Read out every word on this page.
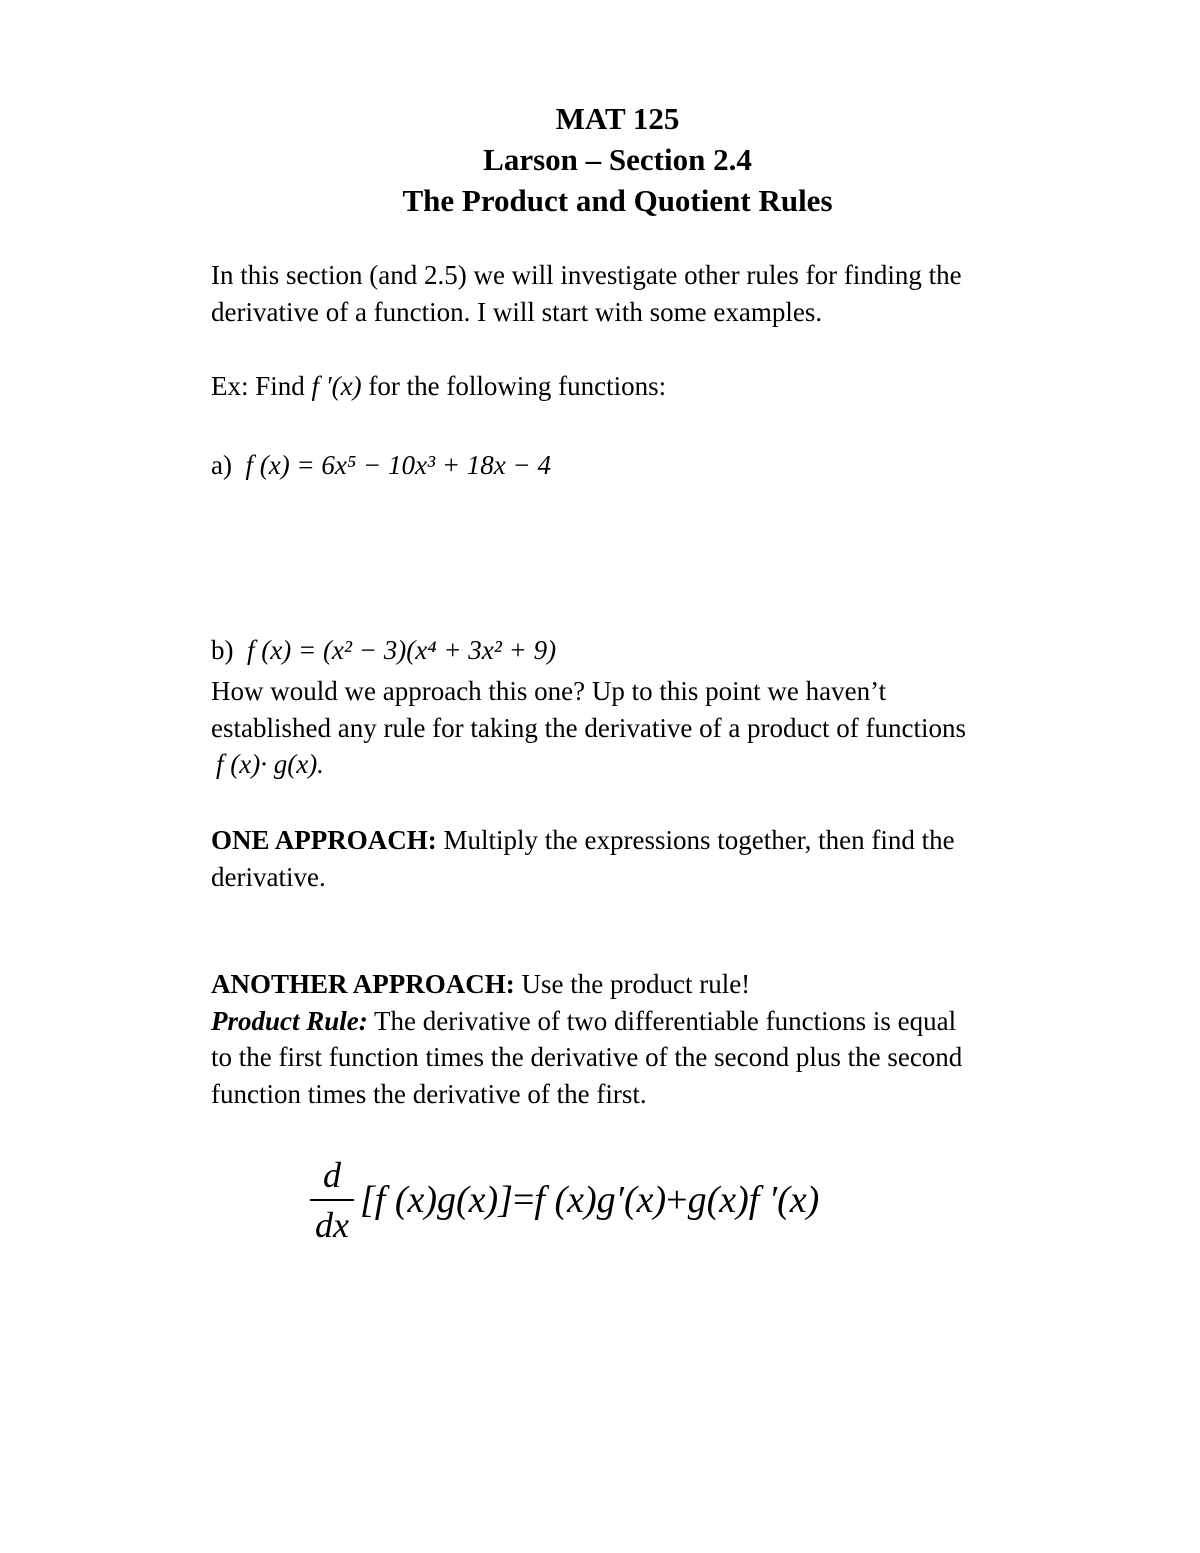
MAT 125
Larson – Section 2.4
The Product and Quotient Rules
In this section (and 2.5) we will investigate other rules for finding the
derivative of a function. I will start with some examples.
Ex: Find f ′(x) for the following functions:
a) f (x) = 6x⁵ − 10x³ + 18x − 4
b) f (x) = (x² − 3)(x⁴ + 3x² + 9)
How would we approach this one? Up to this point we haven’t
established any rule for taking the derivative of a product of functions
f (x)· g(x).
ONE APPROACH: Multiply the expressions together, then find the
derivative.
ANOTHER APPROACH: Use the product rule!
Product Rule: The derivative of two differentiable functions is equal
to the first function times the derivative of the second plus the second
function times the derivative of the first.
$\frac{d}{dx} [f$ (x)g(x)] = f (x)g′(x) + g(x)f ′(x)
